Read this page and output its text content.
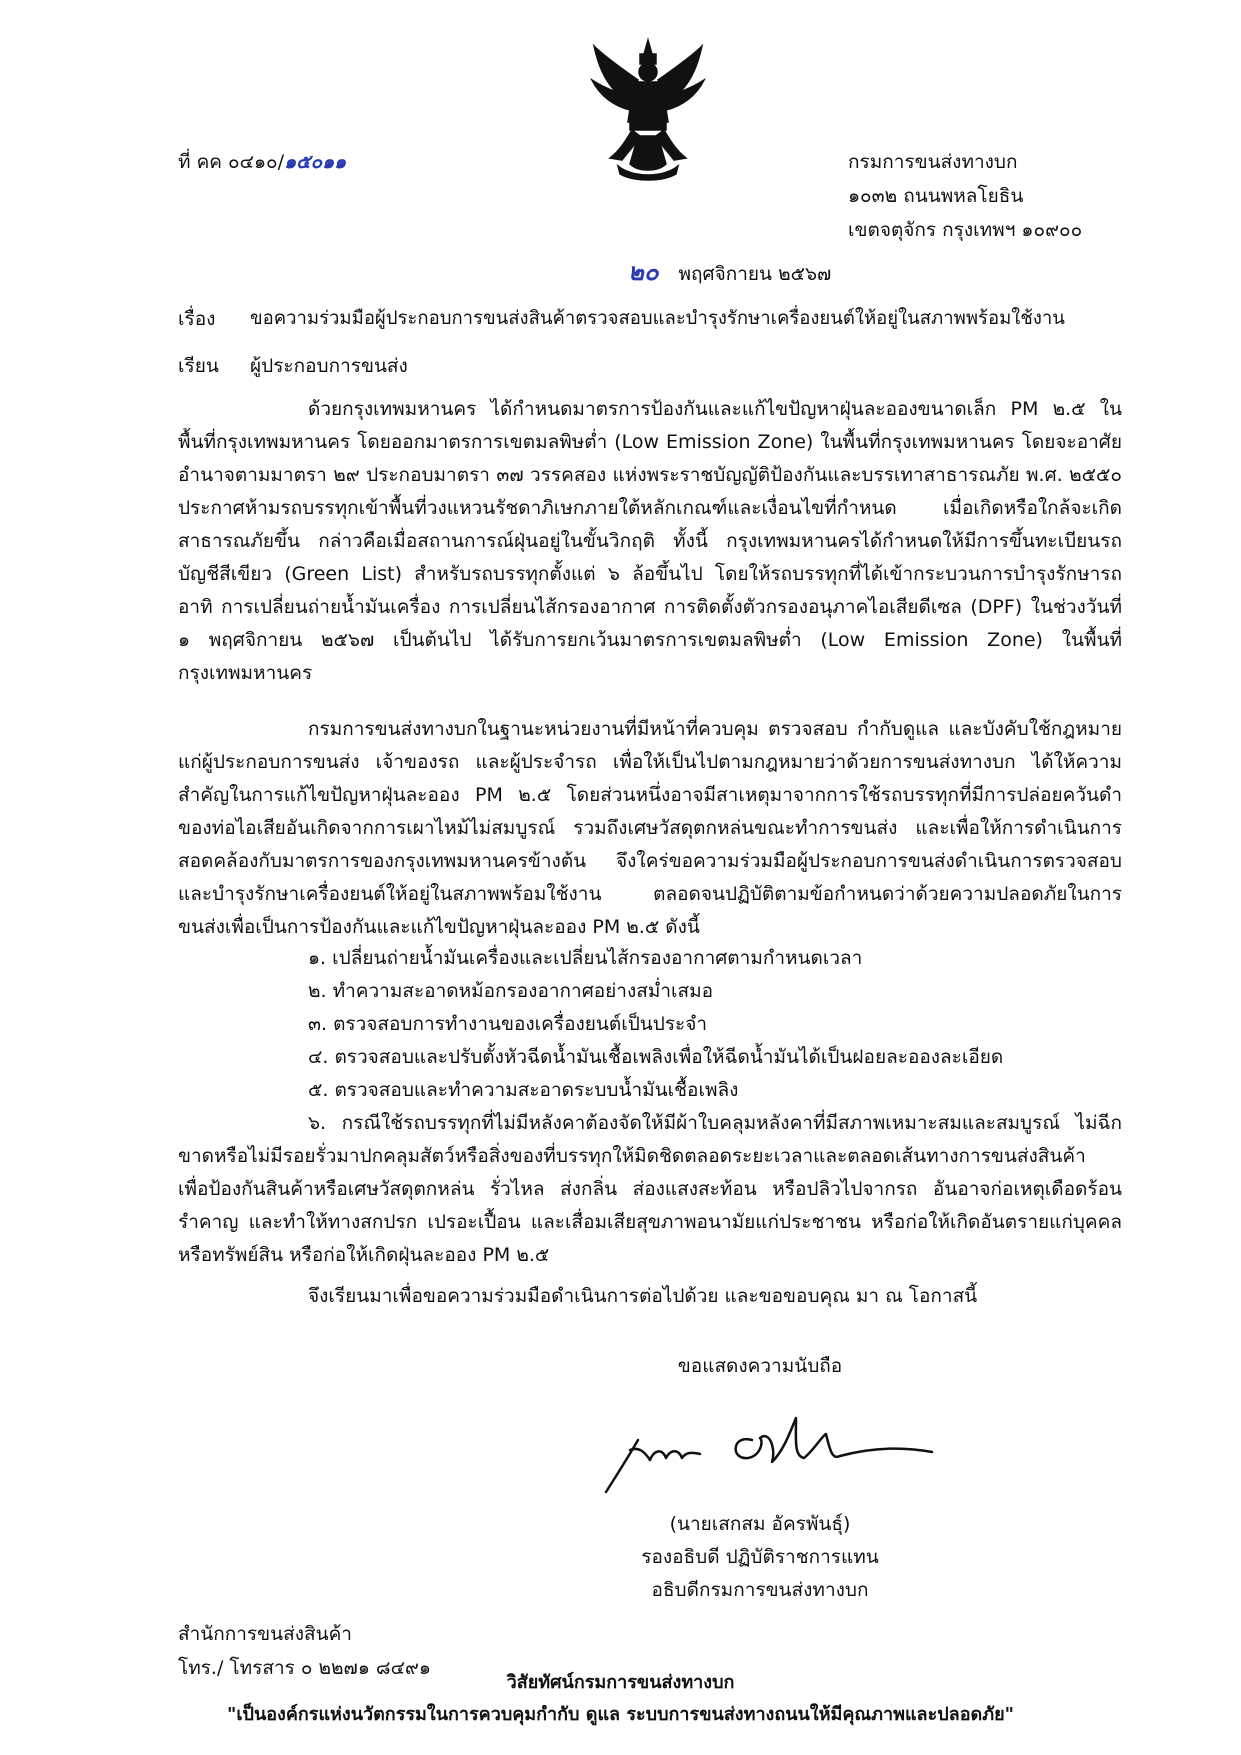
ที่ คค ๐๔๑๐/๑๕๐๑๑	กรมการขนส่งทางบก
๑๐๓๒ ถนนพหลโยธิน
เขตจตุจักร กรุงเทพฯ ๑๐๙๐๐
๒๐ พฤศจิกายน ๒๕๖๗
เรื่อง ขอความร่วมมือผู้ประกอบการขนส่งสินค้าตรวจสอบและบำรุงรักษาเครื่องยนต์ให้อยู่ในสภาพพร้อมใช้งาน
เรียน ผู้ประกอบการขนส่ง
ด้วยกรุงเทพมหานคร ได้กำหนดมาตรการป้องกันและแก้ไขปัญหาฝุ่นละอองขนาดเล็ก PM ๒.๕ ในพื้นที่กรุงเทพมหานคร โดยออกมาตรการเขตมลพิษต่ำ (Low Emission Zone) ในพื้นที่กรุงเทพมหานคร โดยจะอาศัยอำนาจตามมาตรา ๒๙ ประกอบมาตรา ๓๗ วรรคสอง แห่งพระราชบัญญัติป้องกันและบรรเทาสาธารณภัย พ.ศ. ๒๕๕๐ ประกาศห้ามรถบรรทุกเข้าพื้นที่วงแหวนรัชดาภิเษกภายใต้หลักเกณฑ์และเงื่อนไขที่กำหนด เมื่อเกิดหรือใกล้จะเกิดสาธารณภัยขึ้น กล่าวคือเมื่อสถานการณ์ฝุ่นอยู่ในขั้นวิกฤติ ทั้งนี้ กรุงเทพมหานครได้กำหนดให้มีการขึ้นทะเบียนรถบัญชีสีเขียว (Green List) สำหรับรถบรรทุกตั้งแต่ ๖ ล้อขึ้นไป โดยให้รถบรรทุกที่ได้เข้ากระบวนการบำรุงรักษารถ อาทิ การเปลี่ยนถ่ายน้ำมันเครื่อง การเปลี่ยนไส้กรองอากาศ การติดตั้งตัวกรองอนุภาคไอเสียดีเซล (DPF) ในช่วงวันที่ ๑ พฤศจิกายน ๒๕๖๗ เป็นต้นไป ได้รับการยกเว้นมาตรการเขตมลพิษต่ำ (Low Emission Zone) ในพื้นที่กรุงเทพมหานคร
กรมการขนส่งทางบกในฐานะหน่วยงานที่มีหน้าที่ควบคุม ตรวจสอบ กำกับดูแล และบังคับใช้กฎหมายแก่ผู้ประกอบการขนส่ง เจ้าของรถ และผู้ประจำรถ เพื่อให้เป็นไปตามกฎหมายว่าด้วยการขนส่งทางบก ได้ให้ความสำคัญในการแก้ไขปัญหาฝุ่นละออง PM ๒.๕ โดยส่วนหนึ่งอาจมีสาเหตุมาจากการใช้รถบรรทุกที่มีการปล่อยควันดำของท่อไอเสียอันเกิดจากการเผาไหม้ไม่สมบูรณ์ รวมถึงเศษวัสดุตกหล่นขณะทำการขนส่ง และเพื่อให้การดำเนินการสอดคล้องกับมาตรการของกรุงเทพมหานครข้างต้น จึงใคร่ขอความร่วมมือผู้ประกอบการขนส่งดำเนินการตรวจสอบและบำรุงรักษาเครื่องยนต์ให้อยู่ในสภาพพร้อมใช้งาน ตลอดจนปฏิบัติตามข้อกำหนดว่าด้วยความปลอดภัยในการขนส่งเพื่อเป็นการป้องกันและแก้ไขปัญหาฝุ่นละออง PM ๒.๕ ดังนี้
๑. เปลี่ยนถ่ายน้ำมันเครื่องและเปลี่ยนไส้กรองอากาศตามกำหนดเวลา
๒. ทำความสะอาดหม้อกรองอากาศอย่างสม่ำเสมอ
๓. ตรวจสอบการทำงานของเครื่องยนต์เป็นประจำ
๔. ตรวจสอบและปรับตั้งหัวฉีดน้ำมันเชื้อเพลิงเพื่อให้ฉีดน้ำมันได้เป็นฝอยละอองละเอียด
๕. ตรวจสอบและทำความสะอาดระบบน้ำมันเชื้อเพลิง
๖. กรณีใช้รถบรรทุกที่ไม่มีหลังคาต้องจัดให้มีผ้าใบคลุมหลังคาที่มีสภาพเหมาะสมและสมบูรณ์ ไม่ฉีกขาดหรือไม่มีรอยรั่วมาปกคลุมสัตว์หรือสิ่งของที่บรรทุกให้มิดชิดตลอดระยะเวลาและตลอดเส้นทางการขนส่งสินค้า เพื่อป้องกันสินค้าหรือเศษวัสดุตกหล่น รั่วไหล ส่งกลิ่น ส่องแสงสะท้อน หรือปลิวไปจากรถ อันอาจก่อเหตุเดือดร้อน รำคาญ และทำให้ทางสกปรก เปรอะเปื้อน และเสื่อมเสียสุขภาพอนามัยแก่ประชาชน หรือก่อให้เกิดอันตรายแก่บุคคลหรือทรัพย์สิน หรือก่อให้เกิดฝุ่นละออง PM ๒.๕
จึงเรียนมาเพื่อขอความร่วมมือดำเนินการต่อไปด้วย และขอขอบคุณ มา ณ โอกาสนี้
ขอแสดงความนับถือ
(นายเสกสม อัครพันธุ์)
รองอธิบดี ปฏิบัติราชการแทน
อธิบดีกรมการขนส่งทางบก
สำนักการขนส่งสินค้า
โทร./ โทรสาร ๐ ๒๒๗๑ ๘๔๙๑
วิสัยทัศน์กรมการขนส่งทางบก
"เป็นองค์กรแห่งนวัตกรรมในการควบคุมกำกับ ดูแล ระบบการขนส่งทางถนนให้มีคุณภาพและปลอดภัย"
